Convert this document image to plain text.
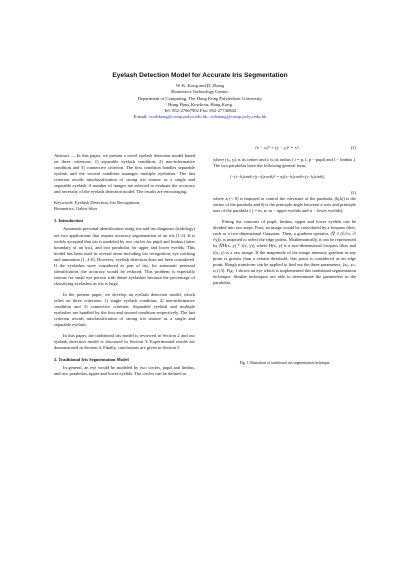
Eyelash Detection Model for Accurate Iris Segmentation
W. K. Kong and D. Zhang
Biometrics Technology Centre,
Department of Computing, The Hong Kong Polytechnic University,
Hung Hom, Kowloon, Hong Kong
Tel: 852-27667902 Fax: 852-27740842
E-mail: csorkkong@comp.polyu.edu.hk, csdzhang@comp.polyu.edu.hk

Abstract — In this paper, we present a novel eyelash detection model based on three criterions: 1) separable eyelash condition, 2) non-informative condition and 3) connective criterion. The first condition handles separable eyelash and the second condition manages multiple eyelashes. The last criterion avoids misclassification of strong iris texture as a single and separable eyelash. A number of images are selected to evaluate the accuracy and necessity of the eyelash detection model. The results are encouraging.

Keywords: Eyelash Detection, Iris Recognition,
Biometrics, Gabor filter
1. Introduction

Automatic personal identification using iris and iris diagnosis (iridology) are two applications that require accuracy segmentation of an iris [1-2]. It is widely accepted that iris is modeled by two circles for pupil and limbus (outer boundary of an iris), and two parabolas for upper and lower eyelids. This model has been used in several areas including iris recognition, eye tracking and animation [1, 4-6]. However, eyelash detection does not been considered. If the eyelashes were considered as part of iris, for automatic personal identification, the accuracy would be reduced. This problem is especially serious for small eye person with dense eyelashes because the percentage of classifying eyelashes as iris is large.

In the present paper, we develop an eyelash detection model, which relies on three criterions: 1) single eyelash condition, 2) non-informative condition and 3) connective criterion. Separable eyelash and multiple eyelashes are handled by the first and second condition respectively. The last criterion avoids misclassification of strong iris texture as a single and separable eyelash.

In this paper, the traditional iris model is reviewed in Section 2 and our eyelash detection model is discussed in Section 3. Experimental results are demonstrated in Section 4. Finally, conclusions are given in Section 5.

2. Traditional Iris Segmentation Model

In general, an eye would be modeled by two circles, pupil and limbus, and two parabolas, upper and lower eyelids. The circles can be defined as

(x − xᵢ)² + (y − yᵢ)² = rᵢ²,	(1)

where (xᵢ, yᵢ) is its center and rᵢ is its radius ( i = p, l; p − pupil and l − limbus ). The two parabolas have the following general form,

(−(x−hⱼ)sinθⱼ+(y−kⱼ)cosθⱼ)² = aⱼ((x−hⱼ)cosθⱼ+(y−kⱼ)sinθⱼ),
(2)

where aⱼ (< 0) is imposed to control the curvature of the parabola, (hⱼ,kⱼ) is the vertex of the parabola and θⱼ is the principle angle between x-axis and principle axis of the parabola ( j = m, n; m − upper eyelids and n − lower eyelids).

Fitting the contours of pupil, limbus, upper and lower eyelids can be divided into two steps. First, an image would be convoluted by a lowpass filter, such as a two-dimensional Gaussian. Then, a gradient operator, (∇ ≡ (∂/∂x, ∂/∂y)), is imposed to select the edge points. Mathematically, it can be represented by |∇H(x, y) * f(x, y)|, where H(x, y) is a two-dimensional lowpass filter and f(x, y) is a raw image. If the magnitude of the image intensity gradient in any point is greater than a certain threshold, this point is considered as an edge point. Hough transform can be applied to find out the three parameters, (xₚ, yₚ, rₚ) [3]. Fig. 1 shows an eye which is implemented this traditional segmentation technique. Similar techniques are able to determinate the parameters in the parabolas.

Fig. 1 Illustration of traditional iris segmentation technique
